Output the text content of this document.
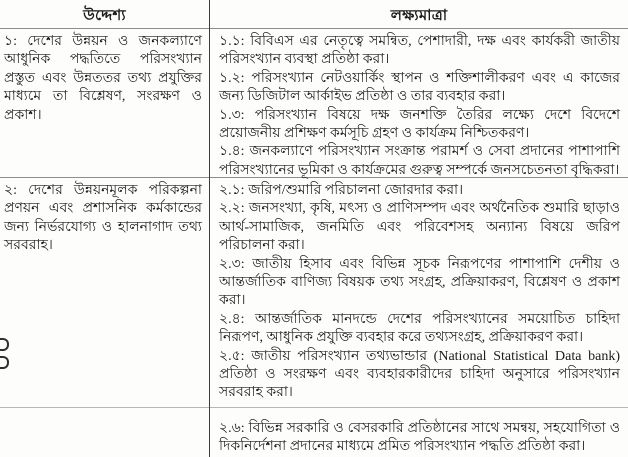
উদ্দেশ্য	লক্ষ্যমাত্রা

১: দেশের উন্নয়ন ও জনকল্যাণে আধুনিক পদ্ধতিতে পরিসংখ্যান প্রস্তুত এবং উন্নততর তথ্য প্রযুক্তির মাধ্যমে তা বিশ্লেষণ, সংরক্ষণ ও প্রকাশ।

১.১: বিবিএস এর নেতৃত্বে সমন্বিত, পেশাদারী, দক্ষ এবং কার্যকরী জাতীয় পরিসংখ্যান ব্যবস্থা প্রতিষ্ঠা করা।

১.২: পরিসংখ্যান নেটওয়ার্কিং স্থাপন ও শক্তিশালীকরণ এবং এ কাজের জন্য ডিজিটাল আর্কাইভ প্রতিষ্ঠা ও তার ব্যবহার করা।

১.৩: পরিসংখ্যান বিষয়ে দক্ষ জনশক্তি তৈরির লক্ষ্যে দেশে বিদেশে প্রয়োজনীয় প্রশিক্ষণ কর্মসূচি গ্রহণ ও কার্যক্রম নিশ্চিতকরণ।

১.৪: জনকল্যাণে পরিসংখ্যান সংক্রান্ত পরামর্শ ও সেবা প্রদানের পাশাপাশি পরিসংখ্যানের ভূমিকা ও কার্যক্রমের গুরুত্ব সম্পর্কে জনসচেতনতা বৃদ্ধিকরা।

২: দেশের উন্নয়নমূলক পরিকল্পনা প্রণয়ন এবং প্রশাসনিক কর্মকান্ডের জন্য নির্ভরযোগ্য ও হালনাগাদ তথ্য সরবরাহ।

২.১: জরিপ/শুমারি পরিচালনা জোরদার করা।

২.২: জনসংখ্যা, কৃষি, মৎস্য ও প্রাণিসম্পদ এবং অর্থনৈতিক শুমারি ছাড়াও আর্থ-সামাজিক, জনমিতি এবং পরিবেশসহ অন্যান্য বিষয়ে জরিপ পরিচালনা করা।

২.৩: জাতীয় হিসাব এবং বিভিন্ন সূচক নিরূপণের পাশাপাশি দেশীয় ও আন্তর্জাতিক বাণিজ্য বিষয়ক তথ্য সংগ্রহ, প্রক্রিয়াকরণ, বিশ্লেষণ ও প্রকাশ করা।

২.৪: আন্তর্জাতিক মানদন্ডে দেশের পরিসংখ্যানের সময়োচিত চাহিদা নিরূপণ, আধুনিক প্রযুক্তি ব্যবহার করে তথ্যসংগ্রহ, প্রক্রিয়াকরণ করা।

২.৫: জাতীয় পরিসংখ্যান তথ্যভান্ডার (National Statistical Data bank) প্রতিষ্ঠা ও সংরক্ষণ এবং ব্যবহারকারীদের চাহিদা অনুসারে পরিসংখ্যান সরবরাহ করা।

২.৬: বিভিন্ন সরকারি ও বেসরকারি প্রতিষ্ঠানের সাথে সমন্বয়, সহযোগিতা ও দিকনির্দেশনা প্রদানের মাধ্যমে প্রমিত পরিসংখ্যান পদ্ধতি প্রতিষ্ঠা করা।
